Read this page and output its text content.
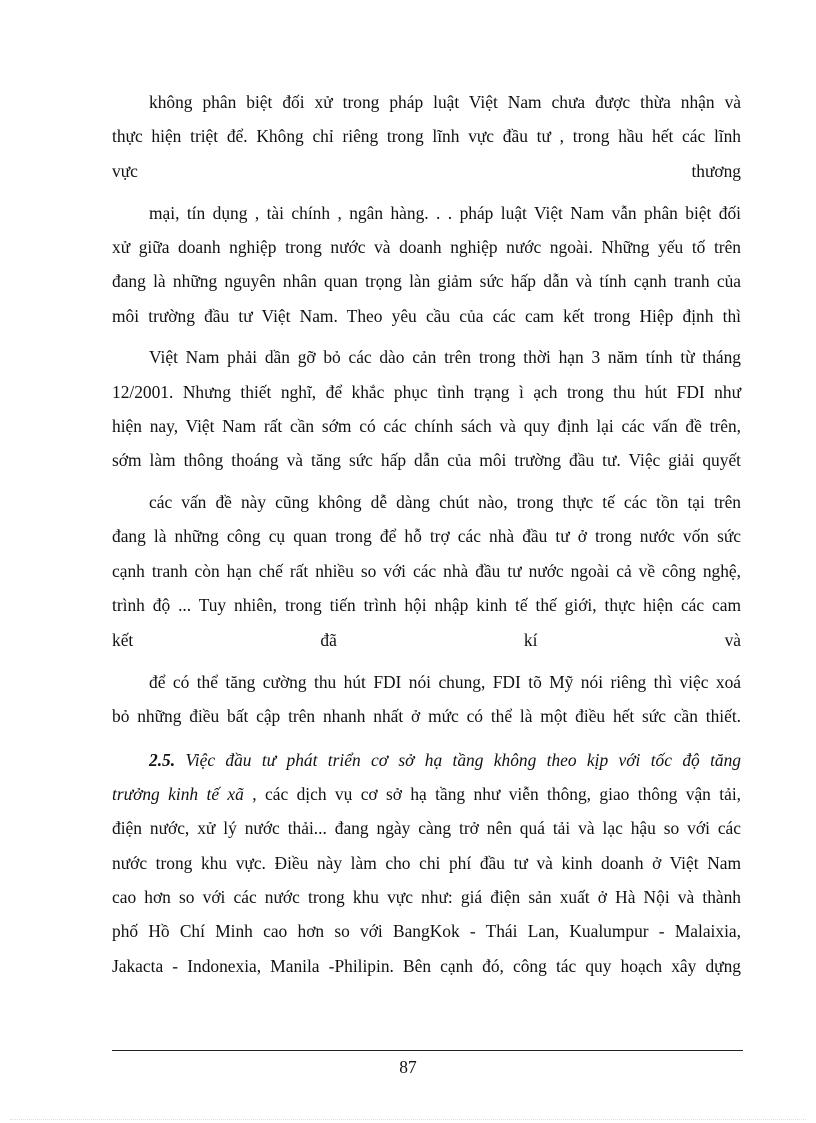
không phân biệt đối xử trong pháp luật Việt Nam chưa được thừa nhận và
thực hiện triệt để. Không chỉ riêng trong lĩnh vực đầu tư , trong hầu hết các lĩnh
vực	thương
mại, tín dụng , tài chính , ngân hàng. . . pháp luật Việt Nam vẫn phân biệt đối
xử giữa doanh nghiệp trong nước và doanh nghiệp nước ngoài. Những yếu tố trên
đang là những nguyên nhân quan trọng làn giảm sức hấp dẫn và tính cạnh tranh của
môi trường đầu tư Việt Nam. Theo yêu cầu của các cam kết trong Hiệp định thì
Việt Nam phải dần gỡ bỏ các dào cản trên trong thời hạn 3 năm tính từ tháng
12/2001. Nhưng thiết nghĩ, để khắc phục tình trạng ì ạch trong thu hút FDI như
hiện nay, Việt Nam rất cần sớm có các chính sách và quy định lại các vấn đề trên,
sớm làm thông thoáng và tăng sức hấp dẫn của môi trường đầu tư. Việc giải quyết
các vấn đề này cũng không dễ dàng chút nào, trong thực tế các tồn tại trên
đang là những công cụ quan trong để hỗ trợ các nhà đầu tư ở trong nước vốn sức
cạnh tranh còn hạn chế rất nhiều so với các nhà đầu tư nước ngoài cả về công nghệ,
trình độ ... Tuy nhiên, trong tiến trình hội nhập kinh tế thế giới, thực hiện các cam
kết	đã	kí	và
để có thể tăng cường thu hút FDI nói chung, FDI tõ Mỹ nói riêng thì việc xoá
bỏ những điều bất cập trên nhanh nhất ở mức có thể là một điều hết sức cần thiết.
2.5. Việc đầu tư phát triển cơ sở hạ tầng không theo kịp với tốc độ tăng
trưởng kinh tế xã , các dịch vụ cơ sở hạ tầng như viễn thông, giao thông vận tải,
điện nước, xử lý nước thải... đang ngày càng trở nên quá tải và lạc hậu so với các
nước trong khu vực. Điều này làm cho chi phí đầu tư và kinh doanh ở Việt Nam
cao hơn so với các nước trong khu vực như: giá điện sản xuất ở Hà Nội và thành
phố Hồ Chí Minh cao hơn so với BangKok - Thái Lan, Kualumpur - Malaixia,
Jakacta - Indonexia, Manila -Philipin. Bên cạnh đó, công tác quy hoạch xây dựng
87
